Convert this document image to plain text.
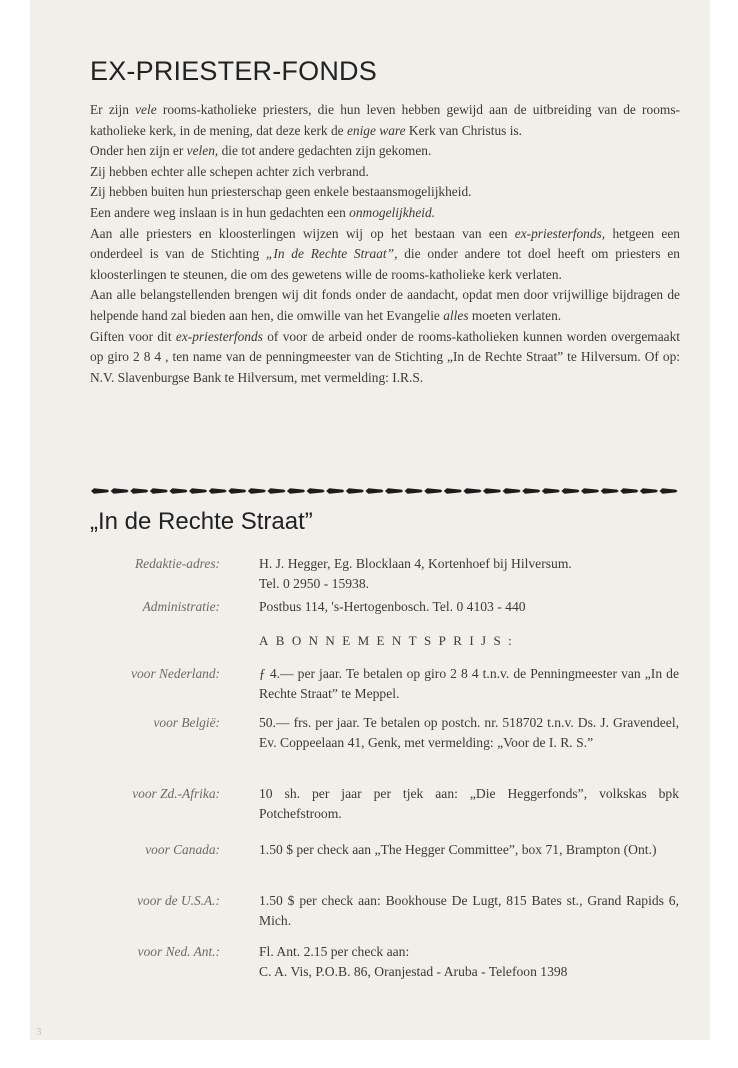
EX-PRIESTER-FONDS

Er zijn vele rooms-katholieke priesters, die hun leven hebben gewijd aan de uitbreiding van de rooms-katholieke kerk, in de mening, dat deze kerk de enige ware Kerk van Christus is.

Onder hen zijn er velen, die tot andere gedachten zijn gekomen.

Zij hebben echter alle schepen achter zich verbrand.

Zij hebben buiten hun priesterschap geen enkele bestaansmogelijkheid.

Een andere weg inslaan is in hun gedachten een onmogelijkheid.

Aan alle priesters en kloosterlingen wijzen wij op het bestaan van een ex-priesterfonds, hetgeen een onderdeel is van de Stichting „In de Rechte Straat”, die onder andere tot doel heeft om priesters en kloosterlingen te steunen, die om des gewetens wille de rooms-katholieke kerk verlaten.

Aan alle belangstellenden brengen wij dit fonds onder de aandacht, opdat men door vrijwillige bijdragen de helpende hand zal bieden aan hen, die omwille van het Evangelie alles moeten verlaten.

Giften voor dit ex-priesterfonds of voor de arbeid onder de rooms-katholieken kunnen worden overgemaakt op giro 2 8 4 , ten name van de penningmeester van de Stichting „In de Rechte Straat” te Hilversum. Of op: N.V. Slavenburgse Bank te Hilversum, met vermelding: I.R.S.

„In de Rechte Straat”
Redaktie-adres:	H. J. Hegger, Eg. Blocklaan 4, Kortenhoef bij Hilversum.

Tel. 0 2950 - 15938.

Administratie:	Postbus 114, 's-Hertogenbosch. Tel. 0 4103 - 440
ABONNEMENTSPRIJS:
voor Nederland:	ƒ 4.— per jaar. Te betalen op giro 2 8 4 t.n.v. de Penningmeester van „In de Rechte Straat” te Meppel.
voor België:	50.— frs. per jaar. Te betalen op postch. nr. 518702 t.n.v. Ds. J. Gravendeel, Ev. Coppeelaan 41, Genk, met vermelding: „Voor de I. R. S.”
voor Zd.-Afrika:	10 sh. per jaar per tjek aan: „Die Heggerfonds”, volkskas bpk Potchefstroom.
voor Canada:	1.50 $ per check aan „The Hegger Committee”, box 71, Brampton (Ont.)
voor de U.S.A.:	1.50 $ per check aan: Bookhouse De Lugt, 815 Bates st., Grand Rapids 6, Mich.
voor Ned. Ant.:	Fl. Ant. 2.15 per check aan:

C. A. Vis, P.O.B. 86, Oranjestad - Aruba - Telefoon 1398

3
